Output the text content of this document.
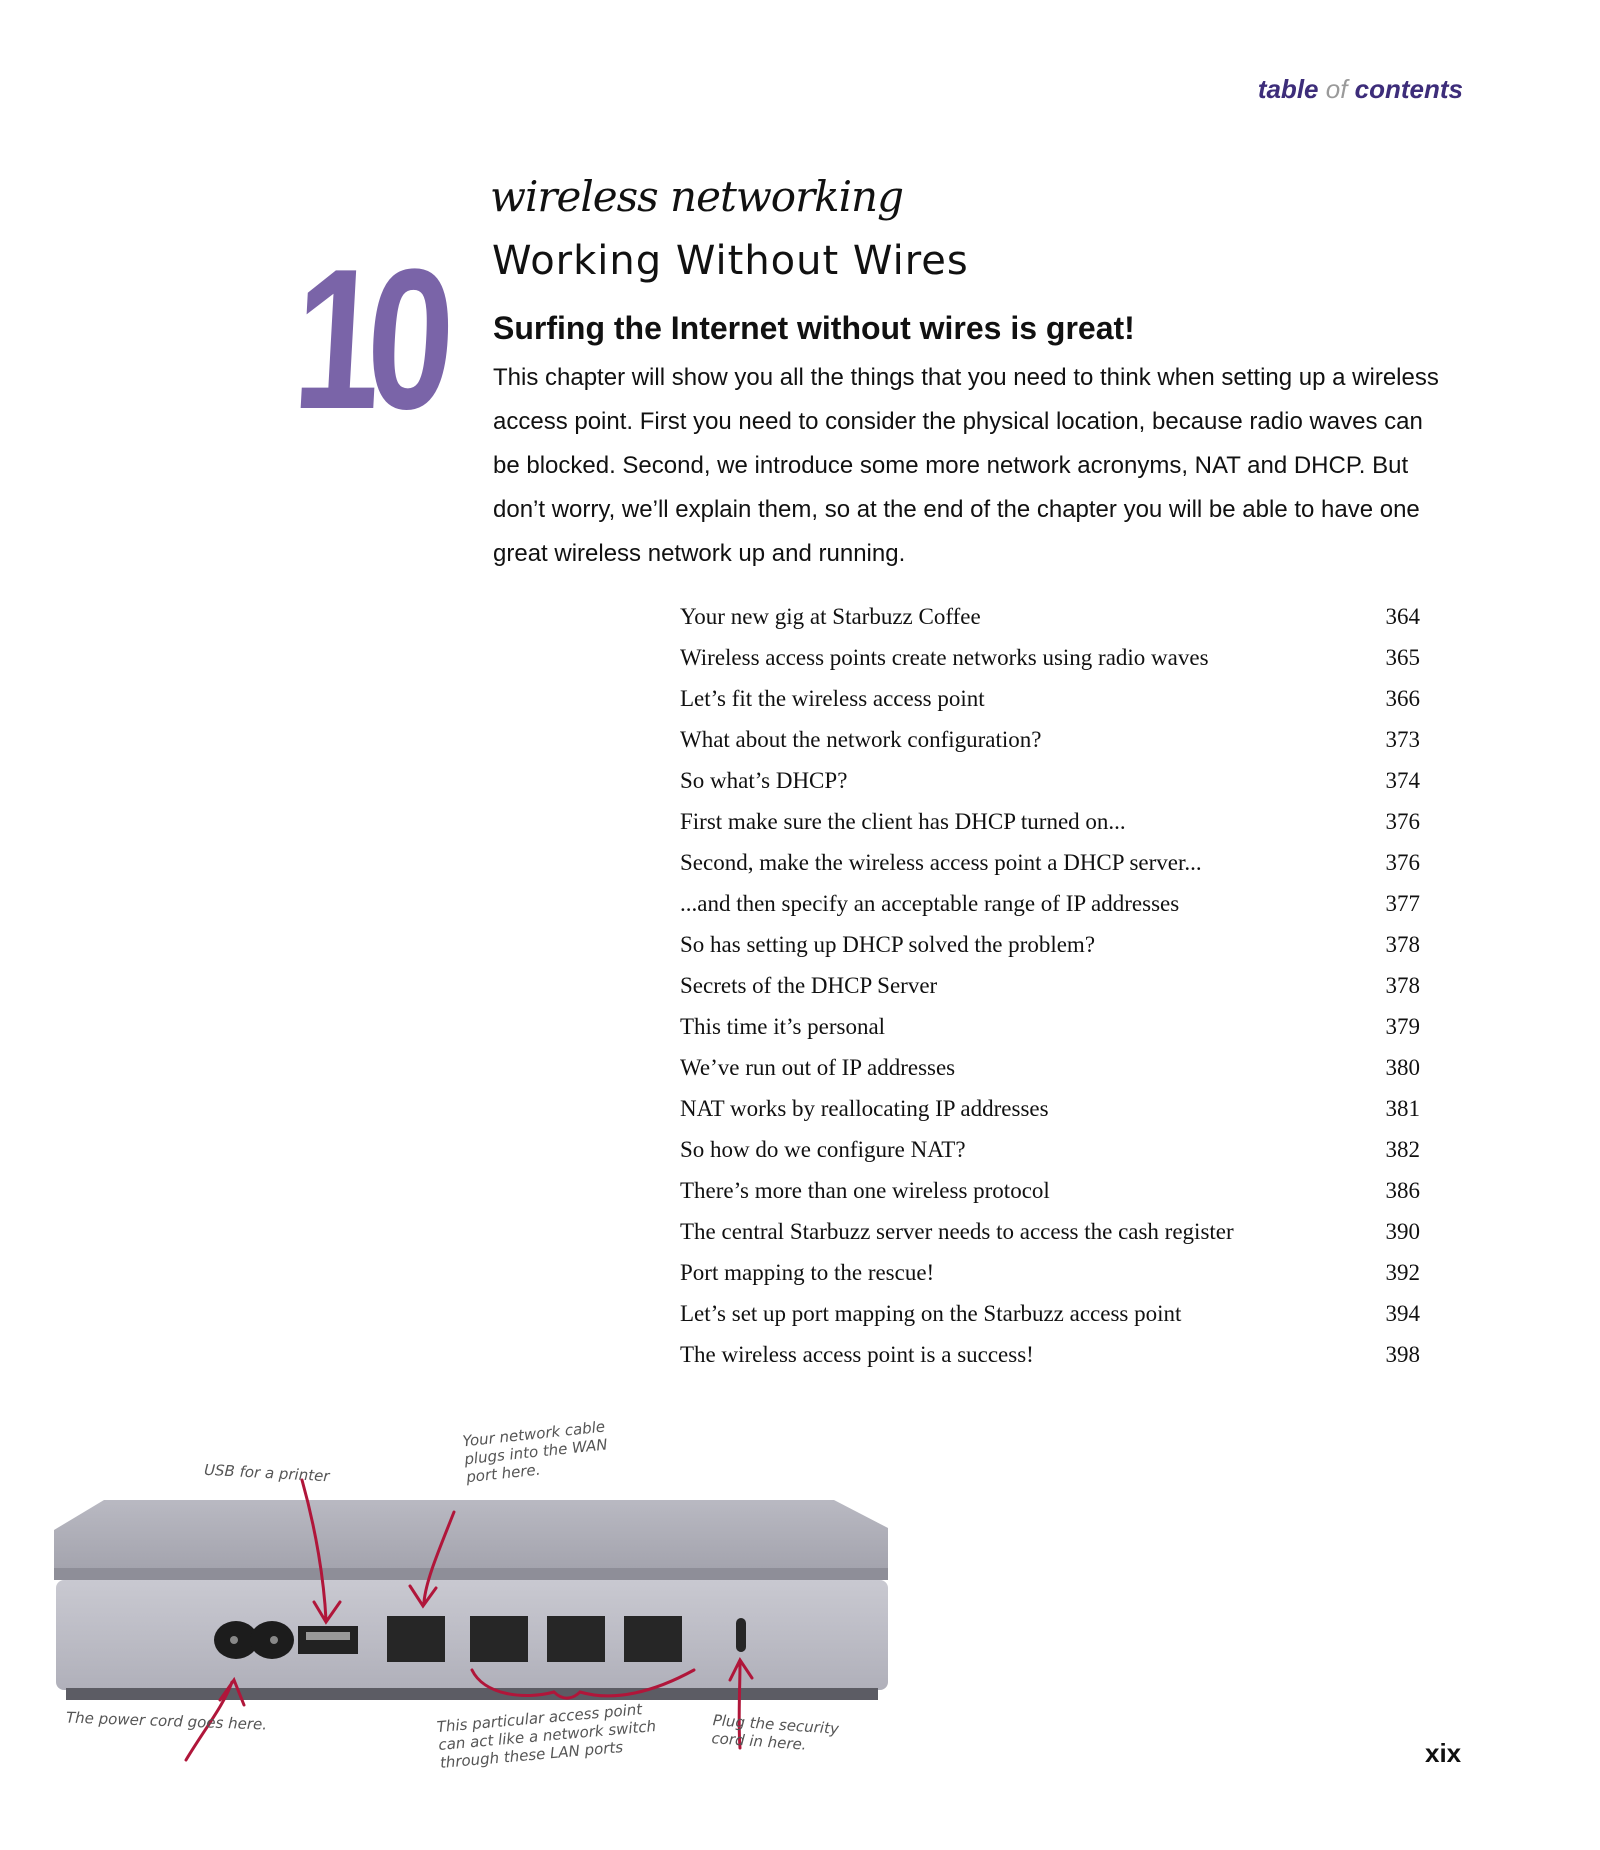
table of contents
10
wireless networking
Working Without Wires
Surfing the Internet without wires is great!
This chapter will show you all the things that you need to think when setting up a wireless access point. First you need to consider the physical location, because radio waves can be blocked. Second, we introduce some more network acronyms, NAT and DHCP. But don’t worry, we’ll explain them, so at the end of the chapter you will be able to have one great wireless network up and running.
Your new gig at Starbuzz Coffee	364
Wireless access points create networks using radio waves	365
Let’s fit the wireless access point	366
What about the network configuration?	373
So what’s DHCP?	374
First make sure the client has DHCP turned on...	376
Second, make the wireless access point a DHCP server...	376
...and then specify an acceptable range of IP addresses	377
So has setting up DHCP solved the problem?	378
Secrets of the DHCP Server	378
This time it’s personal	379
We’ve run out of IP addresses	380
NAT works by reallocating IP addresses	381
So how do we configure NAT?	382
There’s more than one wireless protocol	386
The central Starbuzz server needs to access the cash register	390
Port mapping to the rescue!	392
Let’s set up port mapping on the Starbuzz access point	394
The wireless access point is a success!	398
USB for a printer
Your network cable plugs into the WAN port here.
The power cord goes here.	This particular access point can act like a network switch through these LAN ports
Plug the security cord in here.	xix
